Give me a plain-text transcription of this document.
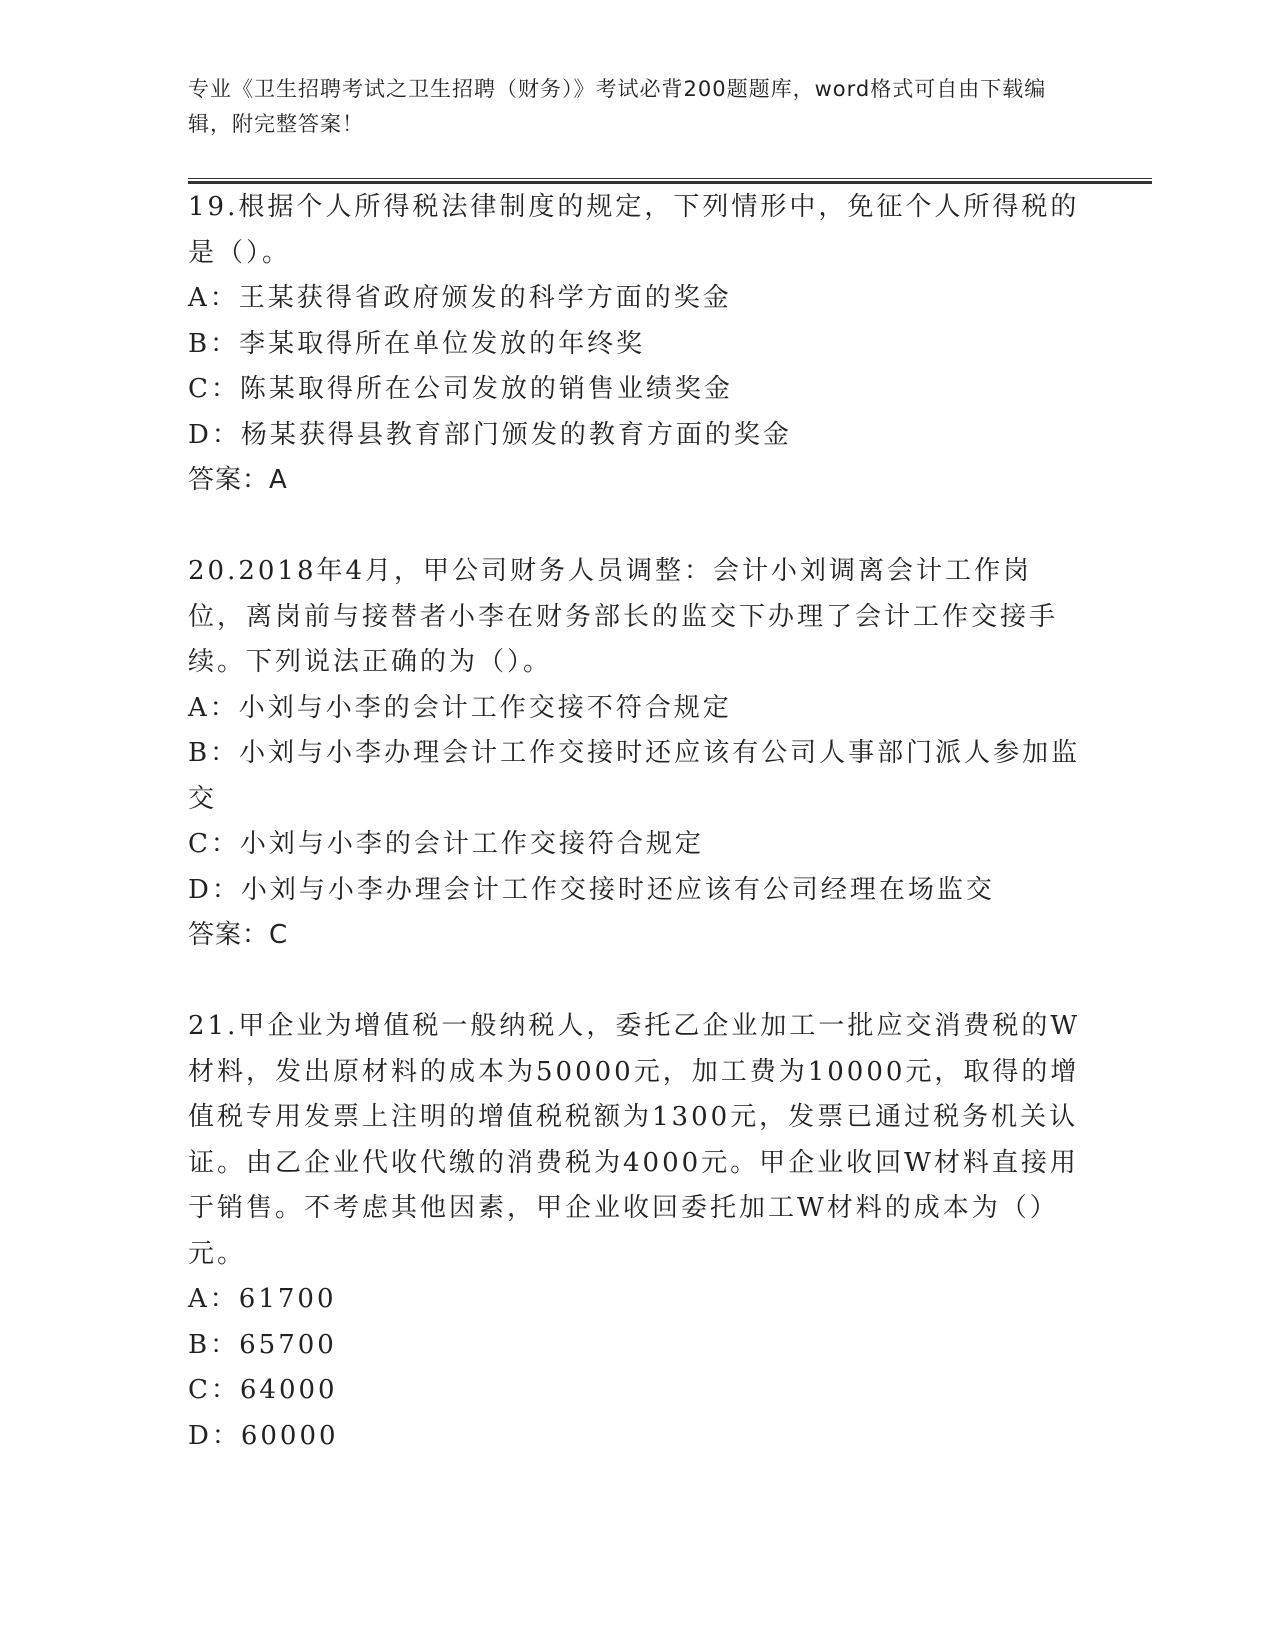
专业《卫生招聘考试之卫生招聘（财务）》考试必背200题题库，word格式可自由下载编辑，附完整答案！
19.根据个人所得税法律制度的规定，下列情形中，免征个人所得税的是（）。
A：王某获得省政府颁发的科学方面的奖金
B：李某取得所在单位发放的年终奖
C：陈某取得所在公司发放的销售业绩奖金
D：杨某获得县教育部门颁发的教育方面的奖金
答案：A
20.2018年4月，甲公司财务人员调整：会计小刘调离会计工作岗位，离岗前与接替者小李在财务部长的监交下办理了会计工作交接手续。下列说法正确的为（）。
A：小刘与小李的会计工作交接不符合规定
B：小刘与小李办理会计工作交接时还应该有公司人事部门派人参加监交
C：小刘与小李的会计工作交接符合规定
D：小刘与小李办理会计工作交接时还应该有公司经理在场监交
答案：C
21.甲企业为增值税一般纳税人，委托乙企业加工一批应交消费税的W材料，发出原材料的成本为50000元，加工费为10000元，取得的增值税专用发票上注明的增值税税额为1300元，发票已通过税务机关认证。由乙企业代收代缴的消费税为4000元。甲企业收回W材料直接用于销售。不考虑其他因素，甲企业收回委托加工W材料的成本为（）元。
A：61700
B：65700
C：64000
D：60000
